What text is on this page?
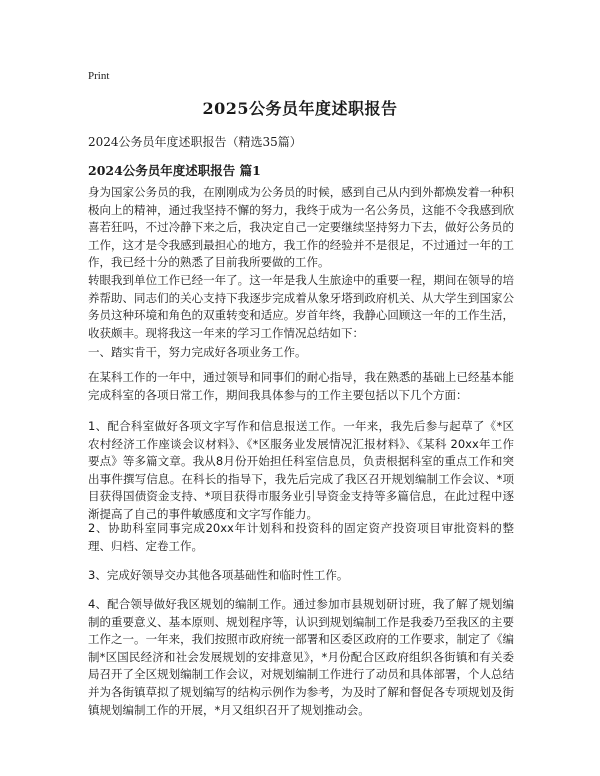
Print
2025公务员年度述职报告
2024公务员年度述职报告（精选35篇）
2024公务员年度述职报告 篇1

身为国家公务员的我，在刚刚成为公务员的时候，感到自己从内到外都焕发着一种积极向上的精神，通过我坚持不懈的努力，我终于成为一名公务员，这能不令我感到欣喜若狂吗，不过冷静下来之后，我决定自己一定要继续坚持努力下去，做好公务员的工作，这才是令我感到最担心的地方，我工作的经验并不是很足，不过通过一年的工作，我已经十分的熟悉了目前我所要做的工作。

转眼我到单位工作已经一年了。这一年是我人生旅途中的重要一程，期间在领导的培养帮助、同志们的关心支持下我逐步完成着从象牙塔到政府机关、从大学生到国家公务员这种环境和角色的双重转变和适应。岁首年终，我静心回顾这一年的工作生活，收获颇丰。现将我这一年来的学习工作情况总结如下：

一、踏实肯干，努力完成好各项业务工作。

在某科工作的一年中，通过领导和同事们的耐心指导，我在熟悉的基础上已经基本能完成科室的各项日常工作，期间我具体参与的工作主要包括以下几个方面：

1、配合科室做好各项文字写作和信息报送工作。一年来，我先后参与起草了《*区农村经济工作座谈会议材料》、《*区服务业发展情况汇报材料》、《某科 20xx年工作要点》等多篇文章。我从8月份开始担任科室信息员，负责根据科室的重点工作和突出事件撰写信息。在科长的指导下，我先后完成了我区召开规划编制工作会议、*项目获得国债资金支持、*项目获得市服务业引导资金支持等多篇信息，在此过程中逐渐提高了自己的事件敏感度和文字写作能力。

2、协助科室同事完成20xx年计划科和投资科的固定资产投资项目审批资料的整理、归档、定卷工作。

3、完成好领导交办其他各项基础性和临时性工作。

4、配合领导做好我区规划的编制工作。通过参加市县规划研讨班，我了解了规划编制的重要意义、基本原则、规划程序等，认识到规划编制工作是我委乃至我区的主要工作之一。一年来，我们按照市政府统一部署和区委区政府的工作要求，制定了《编制*区国民经济和社会发展规划的安排意见》，*月份配合区政府组织各街镇和有关委局召开了全区规划编制工作会议，对规划编制工作进行了动员和具体部署，个人总结并为各街镇草拟了规划编写的结构示例作为参考，为及时了解和督促各专项规划及街镇规划编制工作的开展，*月又组织召开了规划推动会。
